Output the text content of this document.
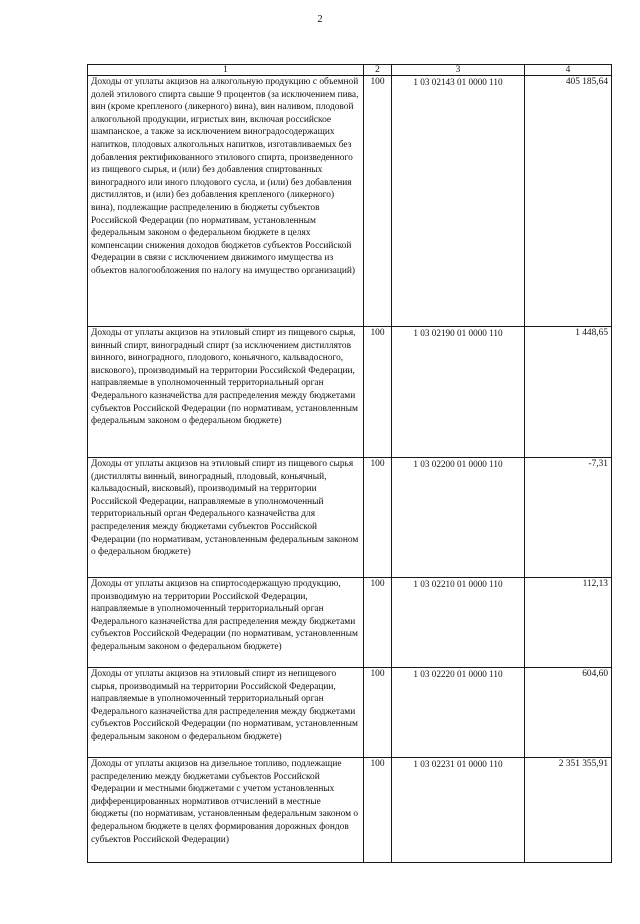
2
1	2	3	4
Доходы от уплаты акцизов на алкогольную продукцию с объемной долей этилового спирта свыше 9 процентов (за исключением пива, вин (кроме крепленого (ликерного) вина), вин наливом, плодовой алкогольной продукции, игристых вин, включая российское шампанское, а также за исключением виноградосодержащих напитков, плодовых алкогольных напитков, изготавливаемых без добавления ректификованного этилового спирта, произведенного из пищевого сырья, и (или) без добавления спиртованных виноградного или иного плодового сусла, и (или) без добавления дистиллятов, и (или) без добавления крепленого (ликерного) вина), подлежащие распределению в бюджеты субъектов Российской Федерации (по нормативам, установленным федеральным законом о федеральном бюджете в целях компенсации снижения доходов бюджетов субъектов Российской Федерации в связи с исключением движимого имущества из объектов налогообложения по налогу на имущество организаций)	100	1 03 02143 01 0000 110	405 185,64
Доходы от уплаты акцизов на этиловый спирт из пищевого сырья, винный спирт, виноградный спирт (за исключением дистиллятов винного, виноградного, плодового, коньячного, кальвадосного, вискового), производимый на территории Российской Федерации, направляемые в уполномоченный территориальный орган Федерального казначейства для распределения между бюджетами субъектов Российской Федерации (по нормативам, установленным федеральным законом о федеральном бюджете)	100	1 03 02190 01 0000 110	1 448,65
Доходы от уплаты акцизов на этиловый спирт из пищевого сырья (дистилляты винный, виноградный, плодовый, коньячный, кальвадосный, висковый), производимый на территории Российской Федерации, направляемые в уполномоченный территориальный орган Федерального казначейства для распределения между бюджетами субъектов Российской Федерации (по нормативам, установленным федеральным законом о федеральном бюджете)	100	1 03 02200 01 0000 110	-7,31
Доходы от уплаты акцизов на спиртосодержащую продукцию, производимую на территории Российской Федерации, направляемые в уполномоченный территориальный орган Федерального казначейства для распределения между бюджетами субъектов Российской Федерации (по нормативам, установленным федеральным законом о федеральном бюджете)	100	1 03 02210 01 0000 110	112,13
Доходы от уплаты акцизов на этиловый спирт из непищевого сырья, производимый на территории Российской Федерации, направляемые в уполномоченный территориальный орган Федерального казначейства для распределения между бюджетами субъектов Российской Федерации (по нормативам, установленным федеральным законом о федеральном бюджете)	100	1 03 02220 01 0000 110	604,60
Доходы от уплаты акцизов на дизельное топливо, подлежащие распределению между бюджетами субъектов Российской Федерации и местными бюджетами с учетом установленных дифференцированных нормативов отчислений в местные бюджеты (по нормативам, установленным федеральным законом о федеральном бюджете в целях формирования дорожных фондов субъектов Российской Федерации)	100	1 03 02231 01 0000 110	2 351 355,91
